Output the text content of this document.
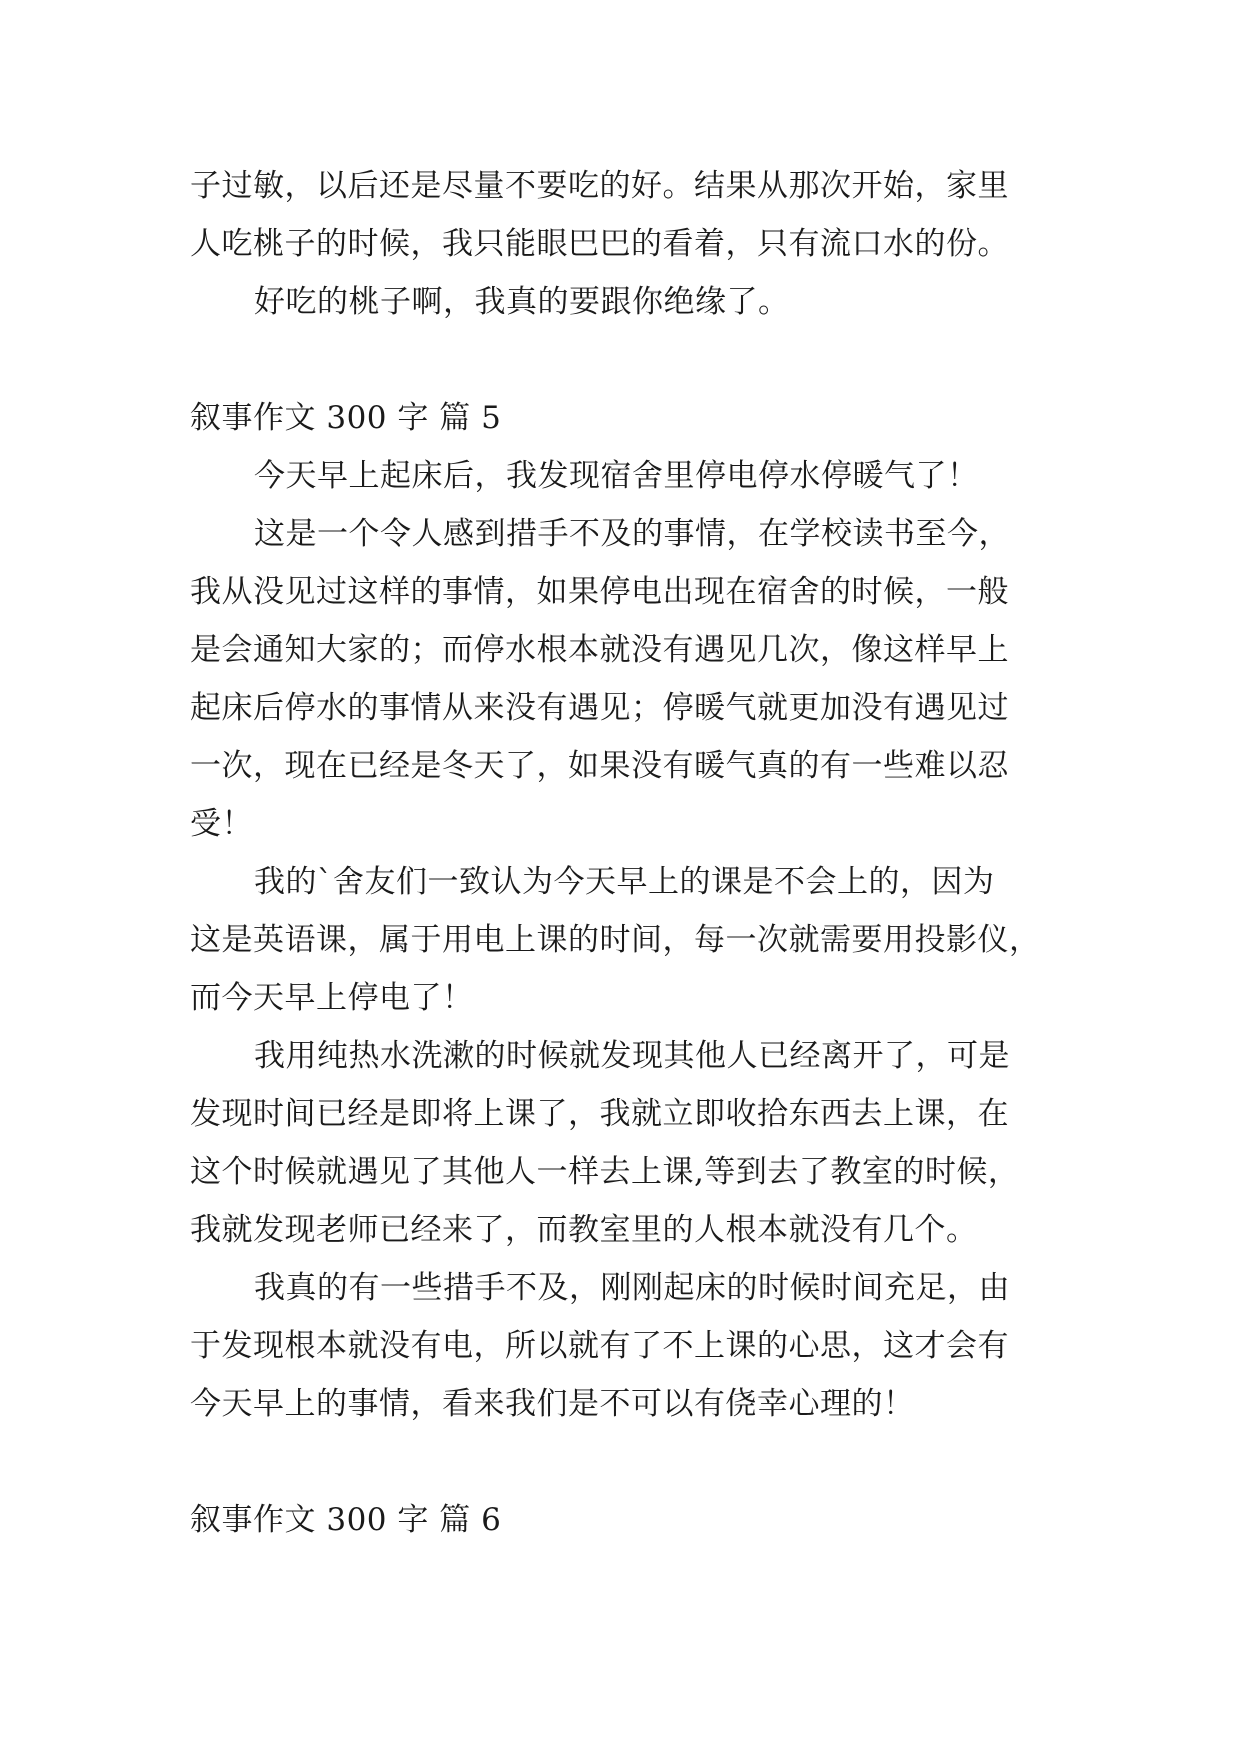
子过敏，以后还是尽量不要吃的好。结果从那次开始，家里
人吃桃子的时候，我只能眼巴巴的看着，只有流口水的份。
好吃的桃子啊，我真的要跟你绝缘了。
叙事作文 300 字 篇 5
今天早上起床后，我发现宿舍里停电停水停暖气了！
这是一个令人感到措手不及的事情，在学校读书至今，
我从没见过这样的事情，如果停电出现在宿舍的时候，一般
是会通知大家的；而停水根本就没有遇见几次，像这样早上
起床后停水的事情从来没有遇见；停暖气就更加没有遇见过
一次，现在已经是冬天了，如果没有暖气真的有一些难以忍
受！
我的`舍友们一致认为今天早上的课是不会上的，因为
这是英语课，属于用电上课的时间，每一次就需要用投影仪，
而今天早上停电了！
我用纯热水洗漱的时候就发现其他人已经离开了，可是
发现时间已经是即将上课了，我就立即收拾东西去上课，在
这个时候就遇见了其他人一样去上课,等到去了教室的时候，
我就发现老师已经来了，而教室里的人根本就没有几个。
我真的有一些措手不及，刚刚起床的时候时间充足，由
于发现根本就没有电，所以就有了不上课的心思，这才会有
今天早上的事情，看来我们是不可以有侥幸心理的！
叙事作文 300 字 篇 6
